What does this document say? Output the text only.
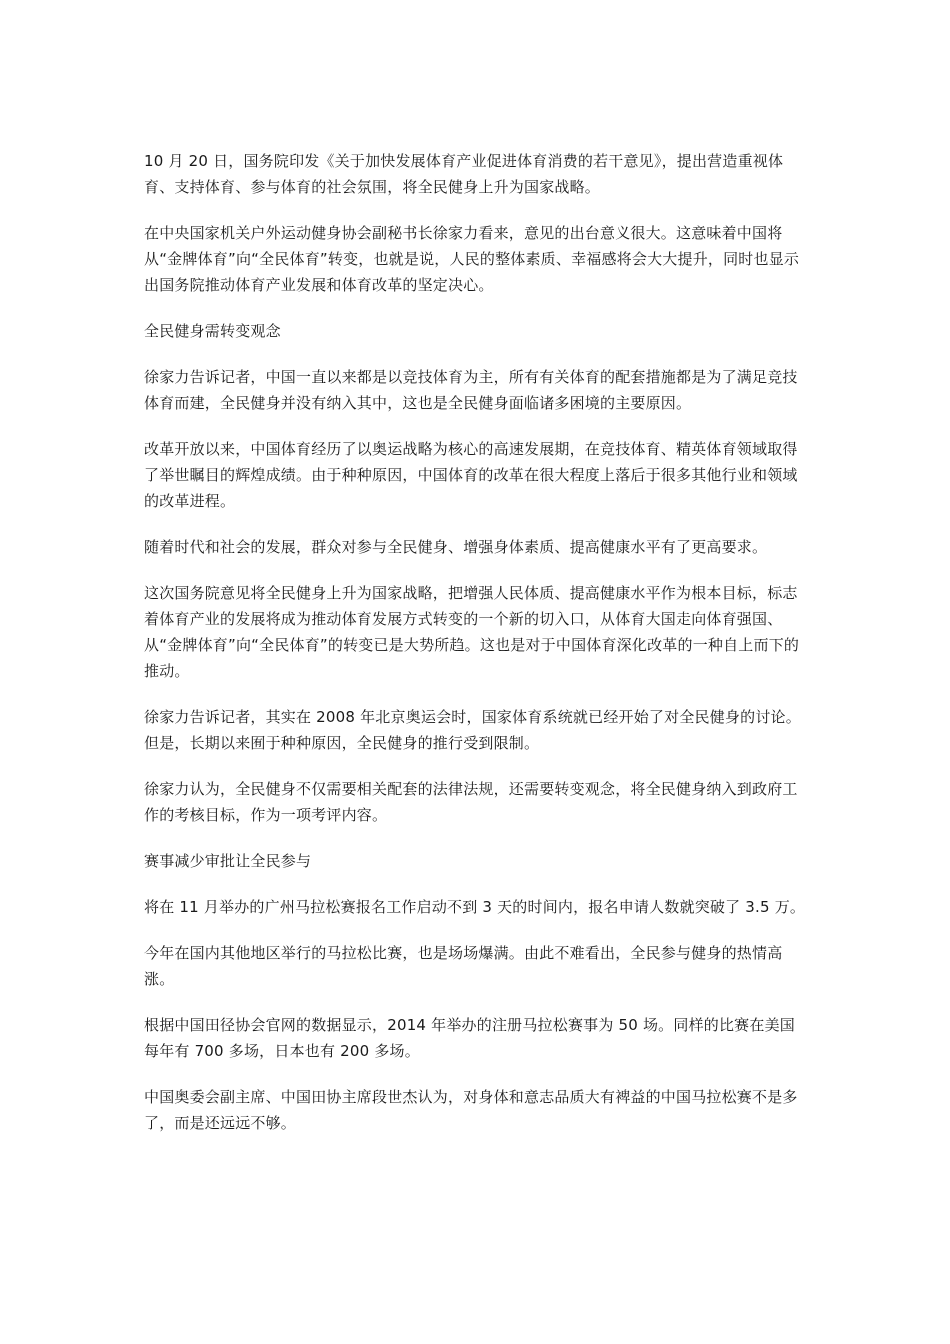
10 月 20 日，国务院印发《关于加快发展体育产业促进体育消费的若干意见》，提出营造重视体育、支持体育、参与体育的社会氛围，将全民健身上升为国家战略。

在中央国家机关户外运动健身协会副秘书长徐家力看来，意见的出台意义很大。这意味着中国将从“金牌体育”向“全民体育”转变，也就是说，人民的整体素质、幸福感将会大大提升，同时也显示出国务院推动体育产业发展和体育改革的坚定决心。

全民健身需转变观念

徐家力告诉记者，中国一直以来都是以竞技体育为主，所有有关体育的配套措施都是为了满足竞技体育而建，全民健身并没有纳入其中，这也是全民健身面临诸多困境的主要原因。

改革开放以来，中国体育经历了以奥运战略为核心的高速发展期，在竞技体育、精英体育领域取得了举世瞩目的辉煌成绩。由于种种原因，中国体育的改革在很大程度上落后于很多其他行业和领域的改革进程。

随着时代和社会的发展，群众对参与全民健身、增强身体素质、提高健康水平有了更高要求。

这次国务院意见将全民健身上升为国家战略，把增强人民体质、提高健康水平作为根本目标，标志着体育产业的发展将成为推动体育发展方式转变的一个新的切入口，从体育大国走向体育强国、从“金牌体育”向“全民体育”的转变已是大势所趋。这也是对于中国体育深化改革的一种自上而下的推动。

徐家力告诉记者，其实在 2008 年北京奥运会时，国家体育系统就已经开始了对全民健身的讨论。但是，长期以来囿于种种原因，全民健身的推行受到限制。

徐家力认为，全民健身不仅需要相关配套的法律法规，还需要转变观念，将全民健身纳入到政府工作的考核目标，作为一项考评内容。

赛事减少审批让全民参与

将在 11 月举办的广州马拉松赛报名工作启动不到 3 天的时间内，报名申请人数就突破了 3.5 万。

今年在国内其他地区举行的马拉松比赛，也是场场爆满。由此不难看出，全民参与健身的热情高涨。

根据中国田径协会官网的数据显示，2014 年举办的注册马拉松赛事为 50 场。同样的比赛在美国每年有 700 多场，日本也有 200 多场。

中国奥委会副主席、中国田协主席段世杰认为，对身体和意志品质大有裨益的中国马拉松赛不是多了，而是还远远不够。
